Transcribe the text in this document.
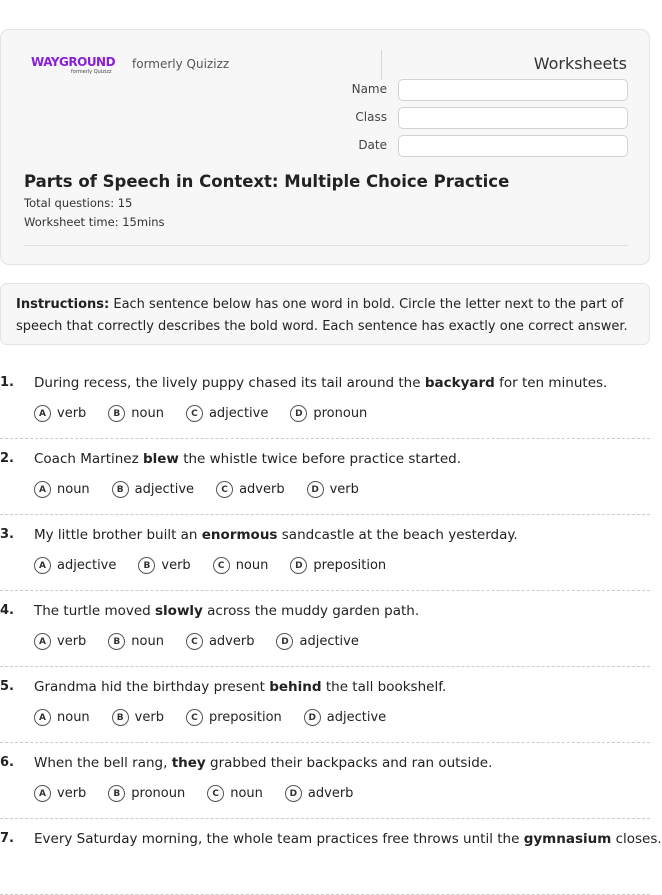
WAYGROUND
formerly Quizizz
formerly Quizizz	Worksheets
Name
Class
Date
Parts of Speech in Context: Multiple Choice Practice
Total questions: 15
Worksheet time: 15mins
Instructions: Each sentence below has one word in bold. Circle the letter next to the part of speech that correctly describes the bold word. Each sentence has exactly one correct answer.
1. During recess, the lively puppy chased its tail around the backyard for ten minutes.
A verb	B noun	C adjective	D pronoun
2. Coach Martinez blew the whistle twice before practice started.
A noun	B adjective	C adverb	D verb
3. My little brother built an enormous sandcastle at the beach yesterday.
A adjective	B verb	C noun	D preposition
4. The turtle moved slowly across the muddy garden path.
A verb	B noun	C adverb	D adjective
5. Grandma hid the birthday present behind the tall bookshelf.
A noun	B verb	C preposition	D adjective
6. When the bell rang, they grabbed their backpacks and ran outside.
A verb	B pronoun	C noun	D adverb
7. Every Saturday morning, the whole team practices free throws until the gymnasium closes.
